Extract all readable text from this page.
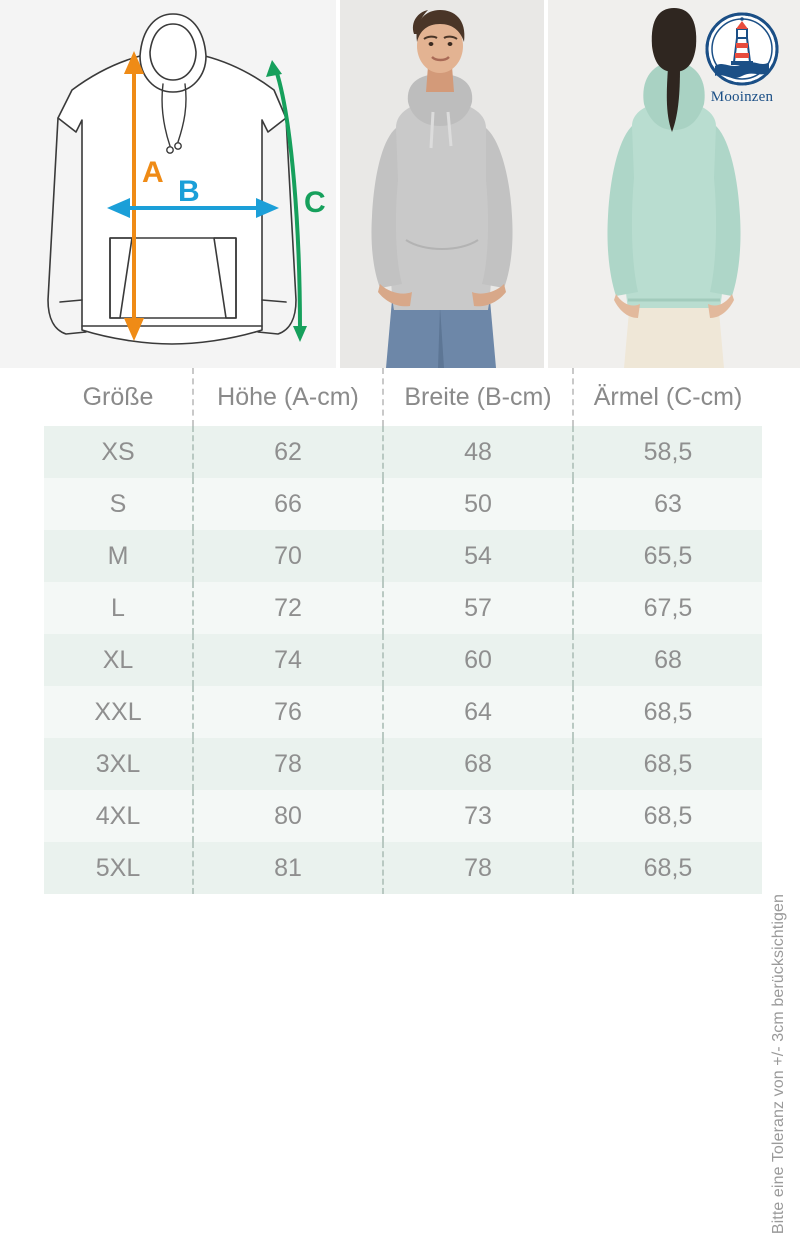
A
B	C
Mooinzen
Größe	Höhe (A-cm)	Breite (B-cm)	Ärmel (C-cm)
XS	62	48	58,5
S	66	50	63
M	70	54	65,5
L	72	57	67,5
XL	74	60	68
XXL	76	64	68,5
3XL	78	68	68,5
4XL	80	73	68,5
5XL	81	78	68,5
Bitte eine Toleranz von +/- 3cm berücksichtigen
